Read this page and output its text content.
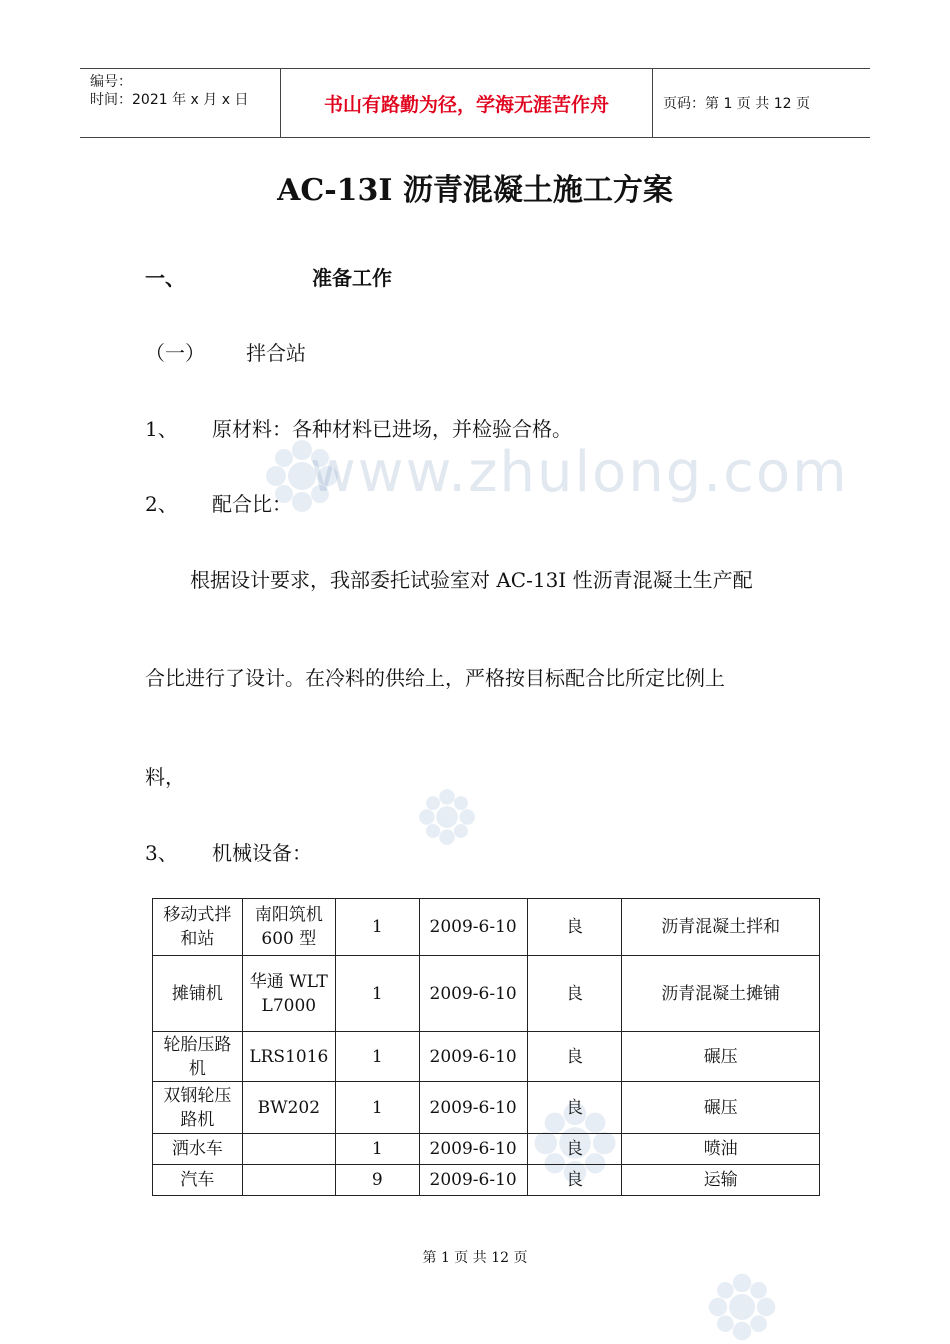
编号：
时间：2021 年 x 月 x 日	书山有路勤为径，学海无涯苦作舟	页码：第 1 页 共 12 页
www.zhulong.com
AC-13I 沥青混凝土施工方案
一、	准备工作
（一） 拌合站
1、 原材料：各种材料已进场，并检验合格。
2、 配合比：
根据设计要求，我部委托试验室对 AC-13I 性沥青混凝土生产配
合比进行了设计。在冷料的供给上，严格按目标配合比所定比例上
料，
3、 机械设备：
移动式拌和站	南阳筑机 600 型	1	2009-6-10	良	沥青混凝土拌和
摊铺机	华通 WLTL7000	1	2009-6-10	良	沥青混凝土摊铺
轮胎压路机	LRS1016	1	2009-6-10	良	碾压
双钢轮压路机	BW202	1	2009-6-10	良	碾压
洒水车		1	2009-6-10	良	喷油
汽车		9	2009-6-10	良	运输
第 1 页 共 12 页
